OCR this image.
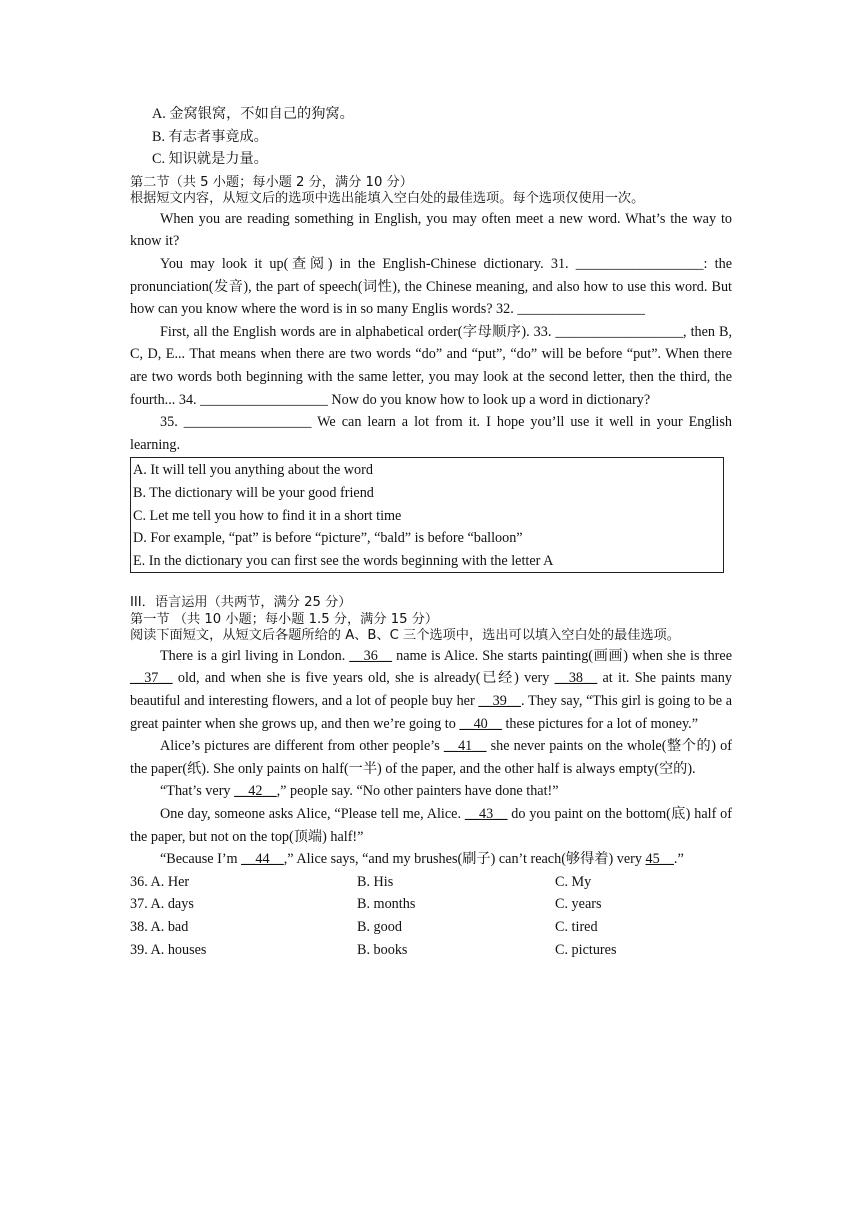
A. 金窝银窝，不如自己的狗窝。
B. 有志者事竟成。
C. 知识就是力量。
第二节（共 5 小题；每小题 2 分，满分 10 分）
根据短文内容，从短文后的选项中选出能填入空白处的最佳选项。每个选项仅使用一次。

When you are reading something in English, you may often meet a new word. What’s the way to know it?

You may look it up(查阅) in the English-Chinese dictionary. 31. __________________: the pronunciation(发音), the part of speech(词性), the Chinese meaning, and also how to use this word. But how can you know where the word is in so many Englis words? 32. __________________

First, all the English words are in alphabetical order(字母顺序). 33. __________________, then B, C, D, E... That means when there are two words “do” and “put”, “do” will be before “put”. When there are two words both beginning with the same letter, you may look at the second letter, then the third, the fourth... 34. __________________ Now do you know how to look up a word in dictionary?

35. __________________ We can learn a lot from it. I hope you’ll use it well in your English learning.

A. It will tell you anything about the word
B. The dictionary will be your good friend
C. Let me tell you how to find it in a short time
D. For example, “pat” is before “picture”, “bald” is before “balloon”
E. In the dictionary you can first see the words beginning with the letter A
III．语言运用（共两节，满分 25 分）
第一节 （共 10 小题；每小题 1.5 分，满分 15 分）
阅读下面短文，从短文后各题所给的 A、B、C 三个选项中，选出可以填入空白处的最佳选项。

There is a girl living in London. __36__ name is Alice. She starts painting(画画) when she is three __37__ old, and when she is five years old, she is already(已经) very __38__ at it. She paints many beautiful and interesting flowers, and a lot of people buy her __39__. They say, “This girl is going to be a great painter when she grows up, and then we’re going to __40__ these pictures for a lot of money.”

Alice’s pictures are different from other people’s __41__ she never paints on the whole(整个的) of the paper(纸). She only paints on half(一半) of the paper, and the other half is always empty(空的).

“That’s very __42__,” people say. “No other painters have done that!”

One day, someone asks Alice, “Please tell me, Alice. __43__ do you paint on the bottom(底) half of the paper, but not on the top(顶端) half!”

“Because I’m __44__,” Alice says, “and my brushes(刷子) can’t reach(够得着) very 45__.”

36. A. Her	B. His	C. My
37. A. days	B. months	C. years
38. A. bad	B. good	C. tired
39. A. houses	B. books	C. pictures
